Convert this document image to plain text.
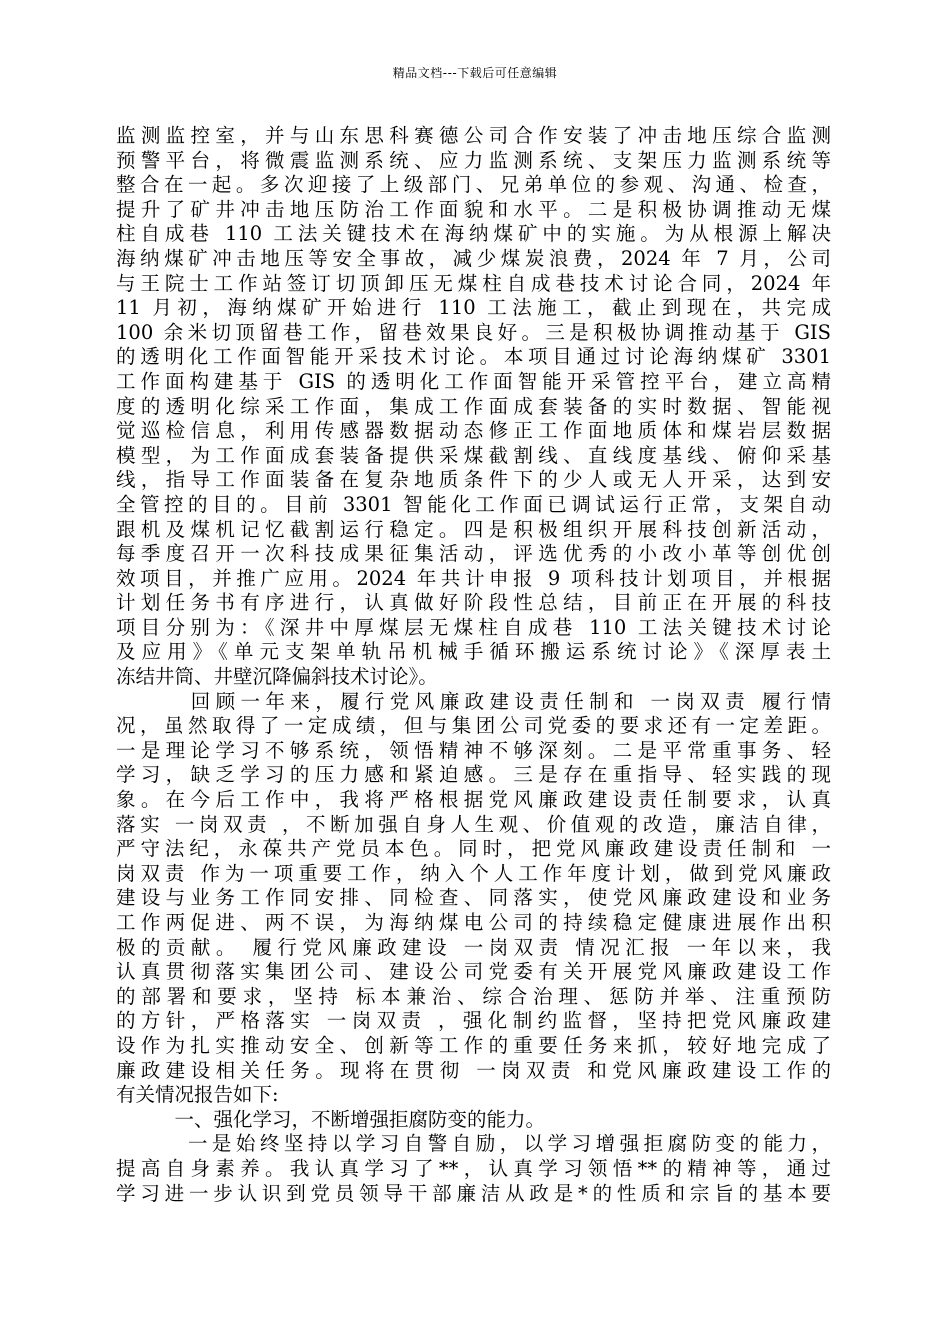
精品文档---下载后可任意编辑
监测监控室，并与山东思科赛德公司合作安装了冲击地压综合监测
预警平台，将微震监测系统、应力监测系统、支架压力监测系统等
整合在一起。多次迎接了上级部门、兄弟单位的参观、沟通、检查，
提升了矿井冲击地压防治工作面貌和水平。二是积极协调推动无煤
柱自成巷 110 工法关键技术在海纳煤矿中的实施。为从根源上解决
海纳煤矿冲击地压等安全事故，减少煤炭浪费，2024 年 7 月，公司
与王院士工作站签订切顶卸压无煤柱自成巷技术讨论合同，2024 年
11 月初，海纳煤矿开始进行 110 工法施工，截止到现在，共完成
100 余米切顶留巷工作，留巷效果良好。三是积极协调推动基于 GIS
的透明化工作面智能开采技术讨论。本项目通过讨论海纳煤矿 3301
工作面构建基于 GIS 的透明化工作面智能开采管控平台，建立高精
度的透明化综采工作面，集成工作面成套装备的实时数据、智能视
觉巡检信息，利用传感器数据动态修正工作面地质体和煤岩层数据
模型，为工作面成套装备提供采煤截割线、直线度基线、俯仰采基
线，指导工作面装备在复杂地质条件下的少人或无人开采，达到安
全管控的目的。目前 3301 智能化工作面已调试运行正常，支架自动
跟机及煤机记忆截割运行稳定。四是积极组织开展科技创新活动，
每季度召开一次科技成果征集活动，评选优秀的小改小革等创优创
效项目，并推广应用。2024 年共计申报 9 项科技计划项目，并根据
计划任务书有序进行，认真做好阶段性总结，目前正在开展的科技
项目分别为：《深井中厚煤层无煤柱自成巷 110 工法关键技术讨论
及应用》《单元支架单轨吊机械手循环搬运系统讨论》《深厚表土
冻结井筒、井壁沉降偏斜技术讨论》。
　　　回顾一年来，履行党风廉政建设责任制和 一岗双责 履行情
况，虽然取得了一定成绩，但与集团公司党委的要求还有一定差距。
一是理论学习不够系统，领悟精神不够深刻。二是平常重事务、轻
学习，缺乏学习的压力感和紧迫感。三是存在重指导、轻实践的现
象。在今后工作中，我将严格根据党风廉政建设责任制要求，认真
落实 一岗双责 ，不断加强自身人生观、价值观的改造，廉洁自律，
严守法纪，永葆共产党员本色。同时，把党风廉政建设责任制和 一
岗双责 作为一项重要工作，纳入个人工作年度计划，做到党风廉政
建设与业务工作同安排、同检查、同落实，使党风廉政建设和业务
工作两促进、两不误，为海纳煤电公司的持续稳定健康进展作出积
极的贡献。 履行党风廉政建设 一岗双责 情况汇报 一年以来，我
认真贯彻落实集团公司、建设公司党委有关开展党风廉政建设工作
的部署和要求，坚持 标本兼治、综合治理、惩防并举、注重预防
的方针，严格落实 一岗双责 ，强化制约监督，坚持把党风廉政建
设作为扎实推动安全、创新等工作的重要任务来抓，较好地完成了
廉政建设相关任务。现将在贯彻 一岗双责 和党风廉政建设工作的
有关情况报告如下:
　　　一、强化学习，不断增强拒腐防变的能力。
　　　一是始终坚持以学习自警自励，以学习增强拒腐防变的能力，
提高自身素养。我认真学习了**，认真学习领悟**的精神等，通过
学习进一步认识到党员领导干部廉洁从政是*的性质和宗旨的基本要
